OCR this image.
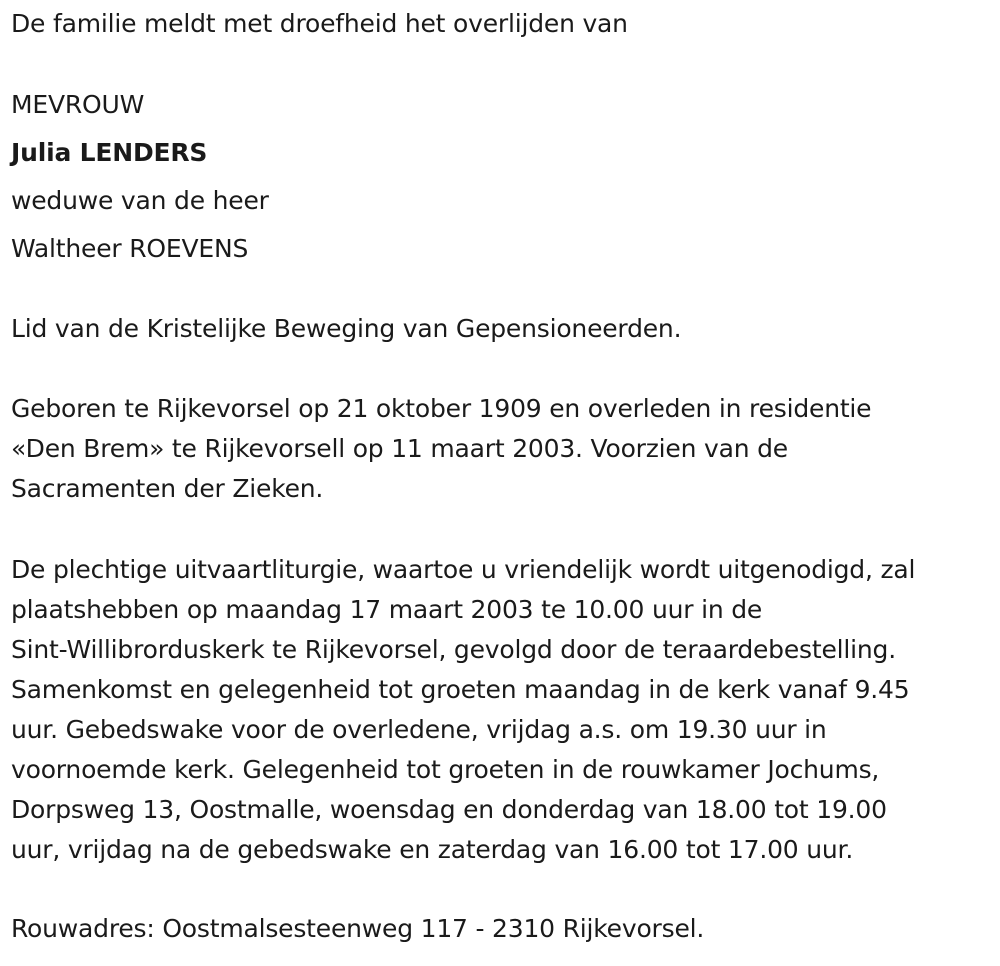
De familie meldt met droefheid het overlijden van
MEVROUW
Julia LENDERS
weduwe van de heer
Waltheer ROEVENS
Lid van de Kristelijke Beweging van Gepensioneerden.
Geboren te Rijkevorsel op 21 oktober 1909 en overleden in residentie
«Den Brem» te Rijkevorsell op 11 maart 2003. Voorzien van de
Sacramenten der Zieken.
De plechtige uitvaartliturgie, waartoe u vriendelijk wordt uitgenodigd, zal
plaatshebben op maandag 17 maart 2003 te 10.00 uur in de
Sint-Willibrorduskerk te Rijkevorsel, gevolgd door de teraardebestelling.
Samenkomst en gelegenheid tot groeten maandag in de kerk vanaf 9.45
uur. Gebedswake voor de overledene, vrijdag a.s. om 19.30 uur in
voornoemde kerk. Gelegenheid tot groeten in de rouwkamer Jochums,
Dorpsweg 13, Oostmalle, woensdag en donderdag van 18.00 tot 19.00
uur, vrijdag na de gebedswake en zaterdag van 16.00 tot 17.00 uur.
Rouwadres: Oostmalsesteenweg 117 - 2310 Rijkevorsel.
